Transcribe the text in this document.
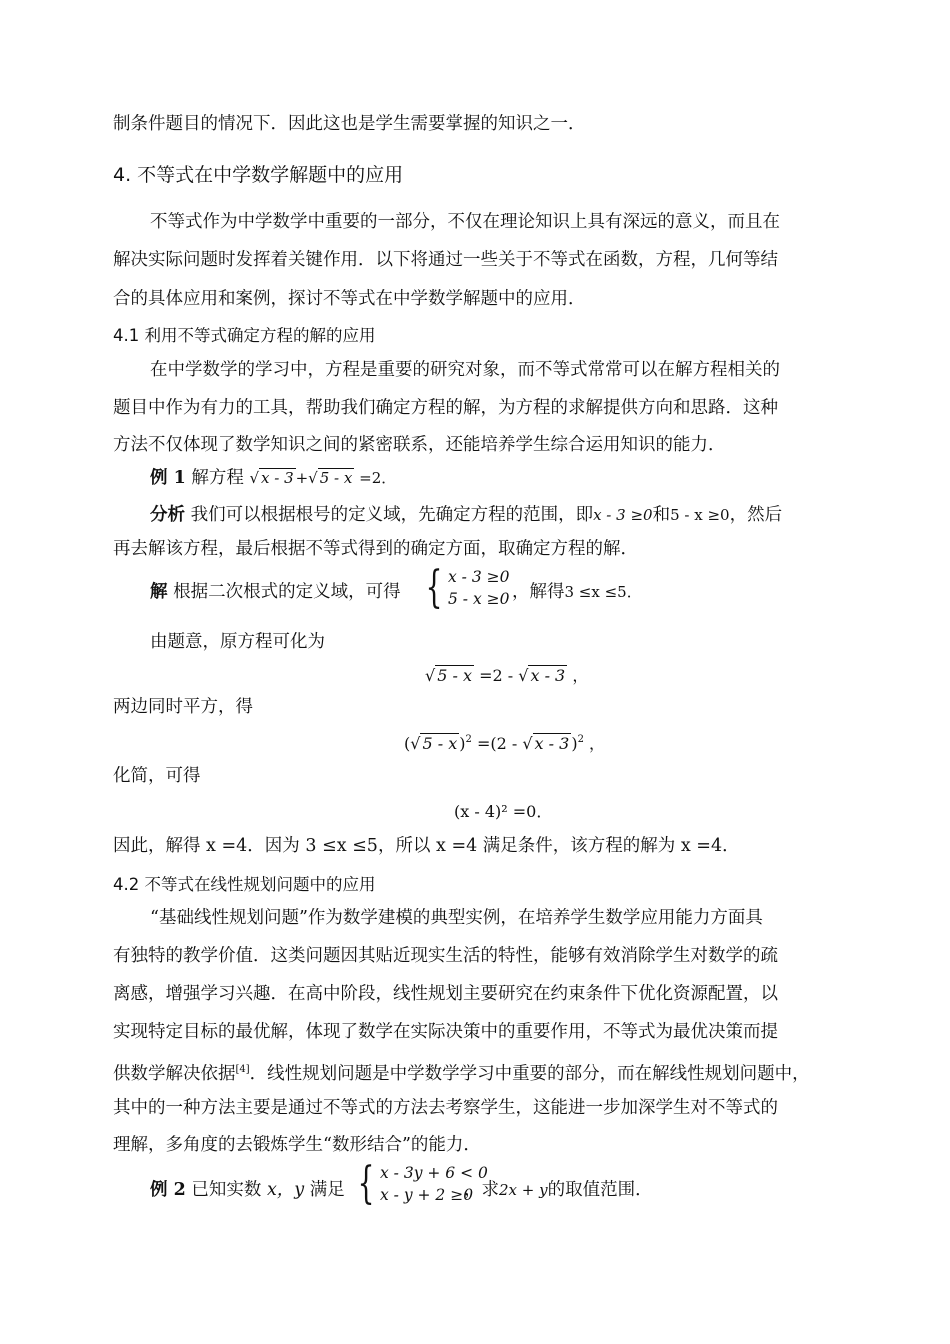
制条件题目的情况下．因此这也是学生需要掌握的知识之一．
4. 不等式在中学数学解题中的应用
不等式作为中学数学中重要的一部分，不仅在理论知识上具有深远的意义，而且在
解决实际问题时发挥着关键作用．以下将通过一些关于不等式在函数，方程，几何等结
合的具体应用和案例，探讨不等式在中学数学解题中的应用．
4.1 利用不等式确定方程的解的应用
在中学数学的学习中，方程是重要的研究对象，而不等式常常可以在解方程相关的
题目中作为有力的工具，帮助我们确定方程的解，为方程的求解提供方向和思路．这种
方法不仅体现了数学知识之间的紧密联系，还能培养学生综合运用知识的能力．
例 1 解方程 √ x - 3 +√ 5 - x =2．
分析 我们可以根据根号的定义域，先确定方程的范围，即x - 3 ≥0和5 - x ≥0，然后
再去解该方程，最后根据不等式得到的确定方面，取确定方程的解．
解 根据二次根式的定义域，可得 { x - 3 ≥0
5 - x ≥0 ，解得3 ≤x ≤5．
由题意，原方程可化为
√ 5 - x =2 - √ x - 3 ，
两边同时平方，得
(√ 5 - x )$^2$ =(2 - √ x - 3 )$^2$ ，
化简，可得
(x - 4)² =0．
因此，解得 x =4．因为 3 ≤x ≤5，所以 x =4 满足条件，该方程的解为 x =4．
4.2 不等式在线性规划问题中的应用
“基础线性规划问题”作为数学建模的典型实例，在培养学生数学应用能力方面具
有独特的教学价值．这类问题因其贴近现实生活的特性，能够有效消除学生对数学的疏
离感，增强学习兴趣．在高中阶段，线性规划主要研究在约束条件下优化资源配置，以
实现特定目标的最优解，体现了数学在实际决策中的重要作用，不等式为最优决策而提
供数学解决依据[4]．线性规划问题是中学数学学习中重要的部分，而在解线性规划问题中，
其中的一种方法主要是通过不等式的方法去考察学生，这能进一步加深学生对不等式的
理解，多角度的去锻炼学生“数形结合”的能力．
例 2 已知实数 x，y 满足 { x - 3y + 6 < 0
x - y + 2 ≥0
，求2x + y的取值范围．
